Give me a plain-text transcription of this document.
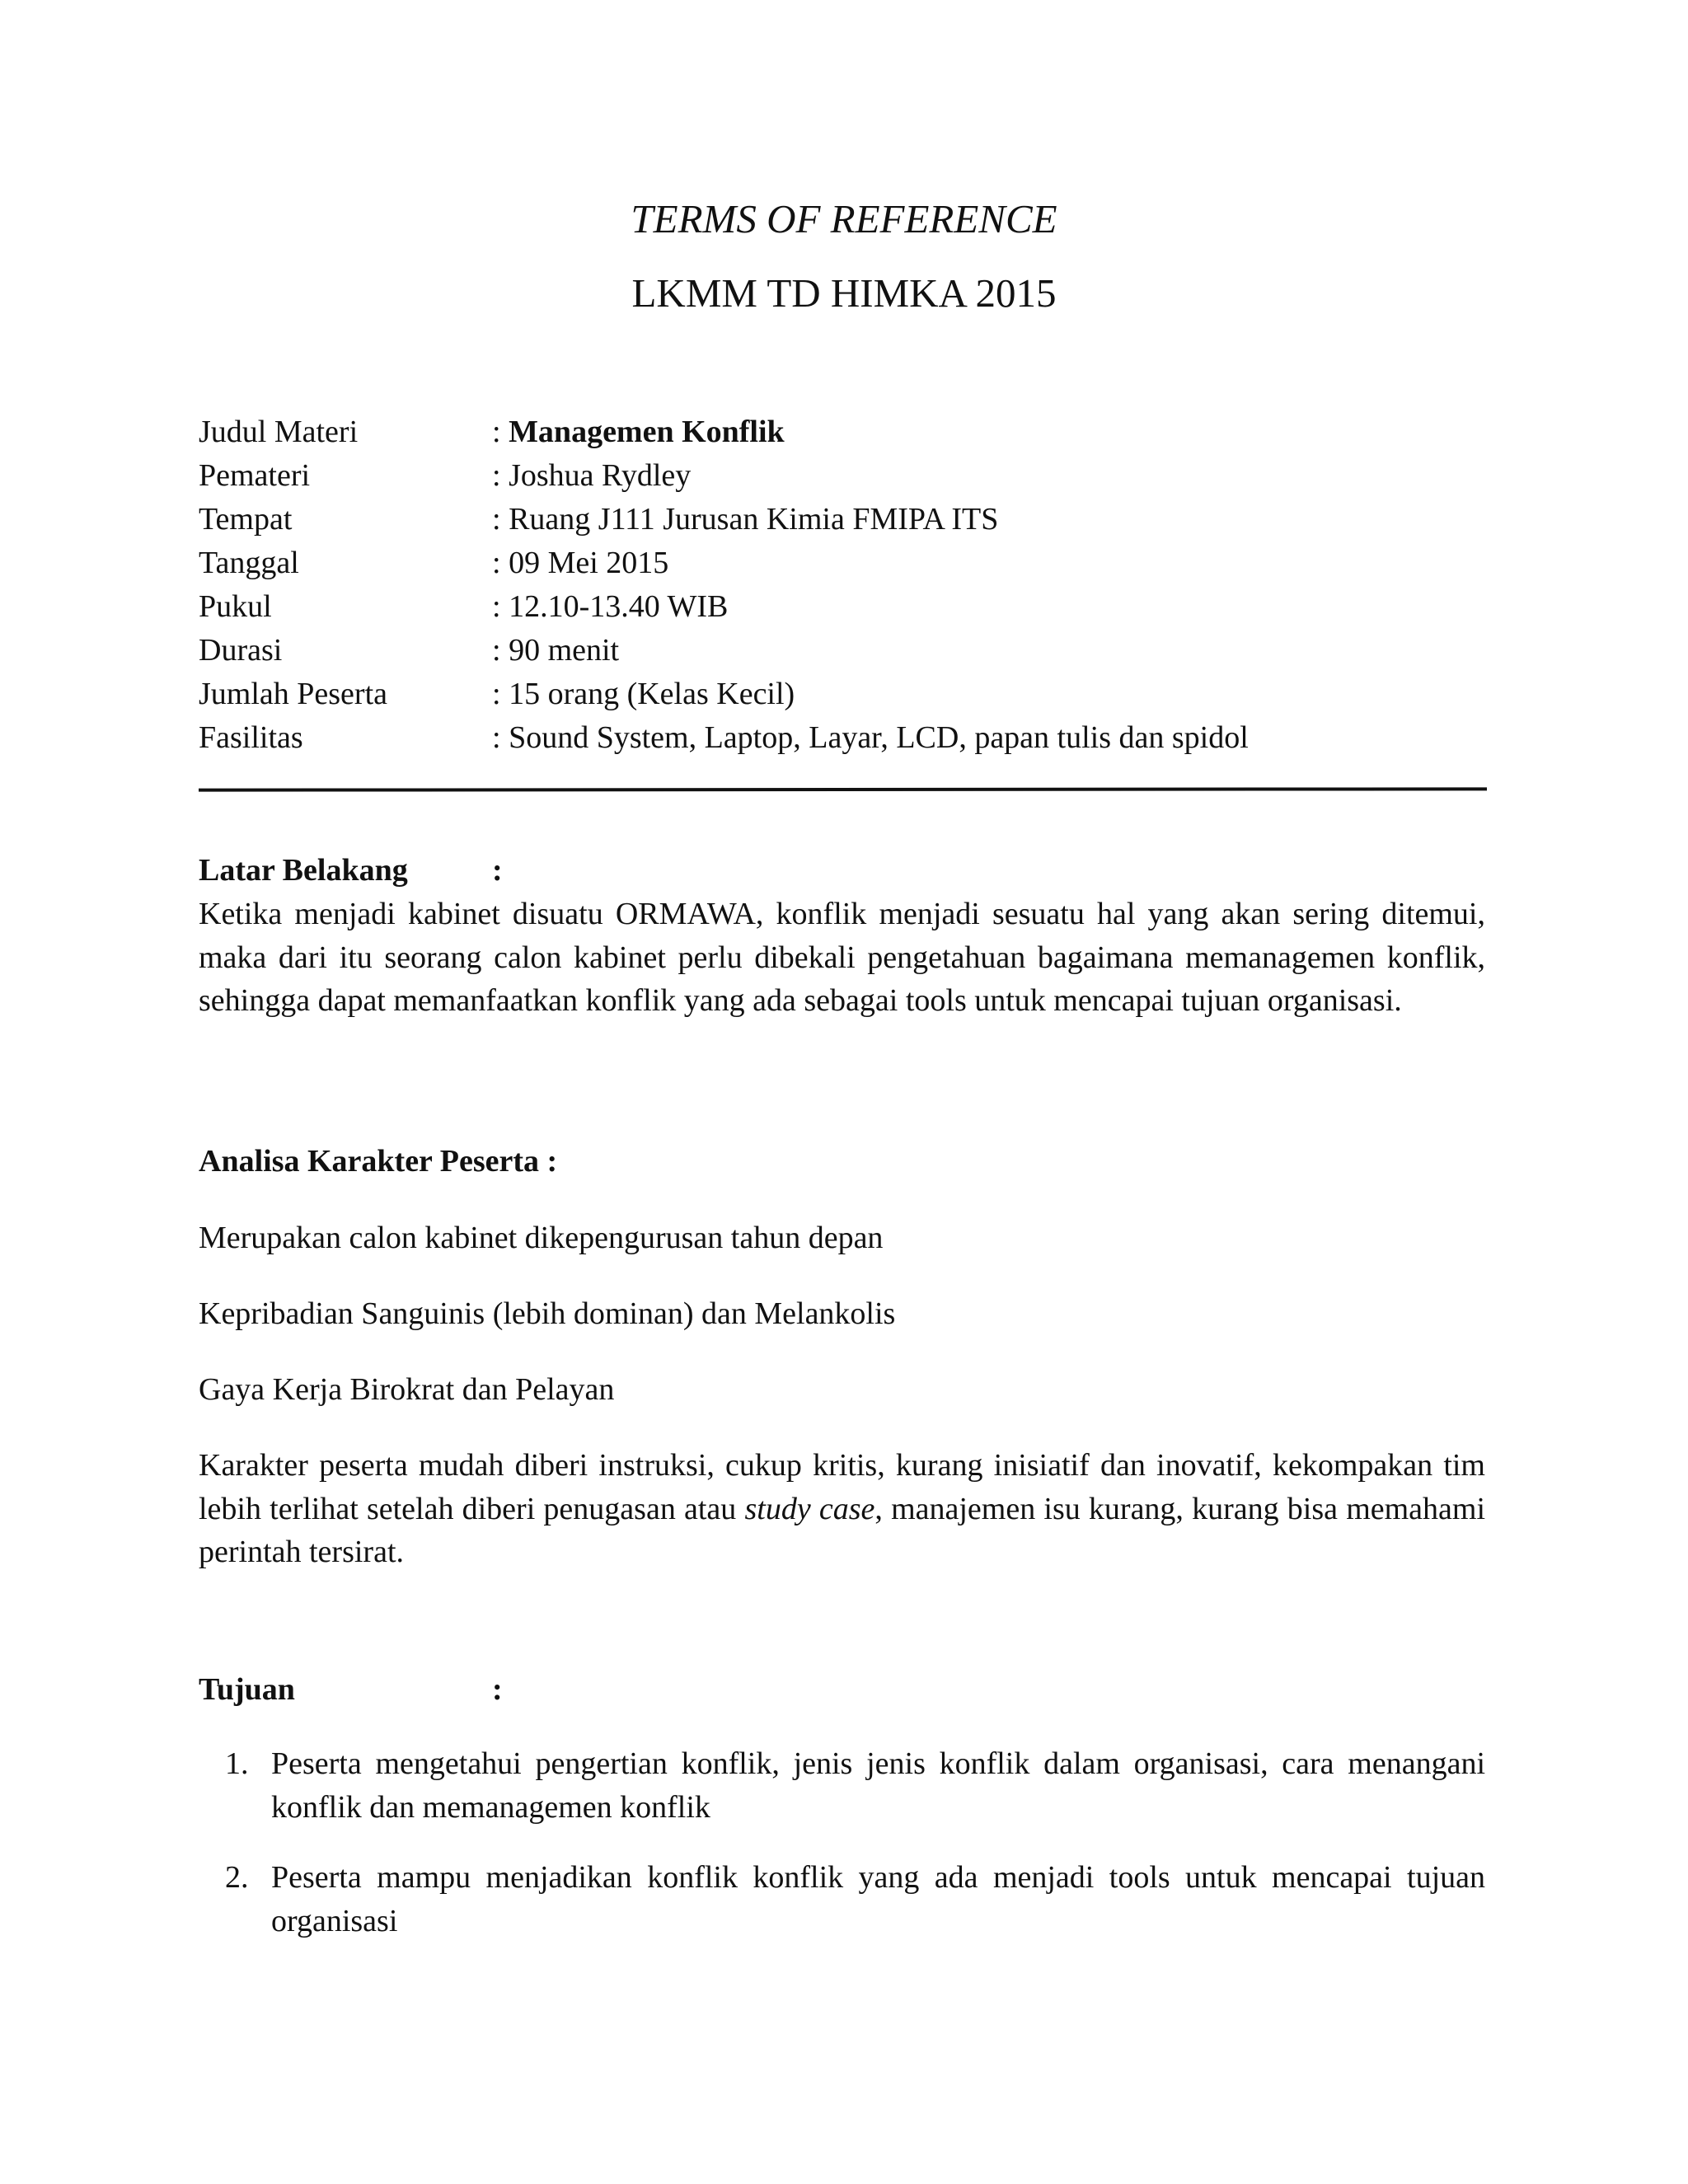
TERMS OF REFERENCE
LKMM TD HIMKA 2015
Judul Materi	: Managemen Konflik
Pemateri	: Joshua Rydley
Tempat	: Ruang J111 Jurusan Kimia FMIPA ITS
Tanggal	: 09 Mei 2015
Pukul	: 12.10-13.40 WIB
Durasi	: 90 menit
Jumlah Peserta	: 15 orang (Kelas Kecil)
Fasilitas	: Sound System, Laptop, Layar, LCD, papan tulis dan spidol
Latar Belakang	:
Ketika menjadi kabinet disuatu ORMAWA, konflik menjadi sesuatu hal yang akan sering ditemui, maka dari itu seorang calon kabinet perlu dibekali pengetahuan bagaimana memanagemen konflik, sehingga dapat memanfaatkan konflik yang ada sebagai tools untuk mencapai tujuan organisasi.
Analisa Karakter Peserta :
Merupakan calon kabinet dikepengurusan tahun depan
Kepribadian Sanguinis (lebih dominan) dan Melankolis
Gaya Kerja Birokrat dan Pelayan
Karakter peserta mudah diberi instruksi, cukup kritis, kurang inisiatif dan inovatif, kekompakan tim lebih terlihat setelah diberi penugasan atau study case, manajemen isu kurang, kurang bisa memahami perintah tersirat.
Tujuan	:
1. Peserta mengetahui pengertian konflik, jenis jenis konflik dalam organisasi, cara menangani konflik dan memanagemen konflik
2. Peserta mampu menjadikan konflik konflik yang ada menjadi tools untuk mencapai tujuan organisasi
